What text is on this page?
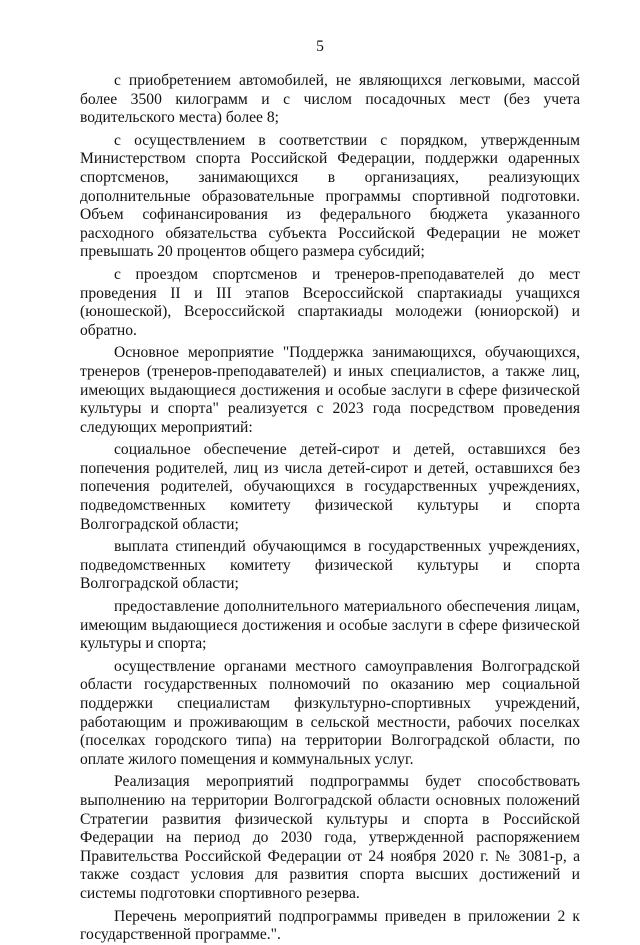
5

с приобретением автомобилей, не являющихся легковыми, массой более 3500 килограмм и с числом посадочных мест (без учета водительского места) более 8;

с осуществлением в соответствии с порядком, утвержденным Министерством спорта Российской Федерации, поддержки одаренных спортсменов, занимающихся в организациях, реализующих дополнительные образовательные программы спортивной подготовки. Объем софинансирования из федерального бюджета указанного расходного обязательства субъекта Российской Федерации не может превышать 20 процентов общего размера субсидий;

с проездом спортсменов и тренеров-преподавателей до мест проведения II и III этапов Всероссийской спартакиады учащихся (юношеской), Всероссийской спартакиады молодежи (юниорской) и обратно.

Основное мероприятие "Поддержка занимающихся, обучающихся, тренеров (тренеров-преподавателей) и иных специалистов, а также лиц, имеющих выдающиеся достижения и особые заслуги в сфере физической культуры и спорта" реализуется с 2023 года посредством проведения следующих мероприятий:

социальное обеспечение детей-сирот и детей, оставшихся без попечения родителей, лиц из числа детей-сирот и детей, оставшихся без попечения родителей, обучающихся в государственных учреждениях, подведомственных комитету физической культуры и спорта Волгоградской области;

выплата стипендий обучающимся в государственных учреждениях, подведомственных комитету физической культуры и спорта Волгоградской области;

предоставление дополнительного материального обеспечения лицам, имеющим выдающиеся достижения и особые заслуги в сфере физической культуры и спорта;

осуществление органами местного самоуправления Волгоградской области государственных полномочий по оказанию мер социальной поддержки специалистам физкультурно-спортивных учреждений, работающим и проживающим в сельской местности, рабочих поселках (поселках городского типа) на территории Волгоградской области, по оплате жилого помещения и коммунальных услуг.

Реализация мероприятий подпрограммы будет способствовать выполнению на территории Волгоградской области основных положений Стратегии развития физической культуры и спорта в Российской Федерации на период до 2030 года, утвержденной распоряжением Правительства Российской Федерации от 24 ноября 2020 г. № 3081-р, а также создаст условия для развития спорта высших достижений и системы подготовки спортивного резерва.

Перечень мероприятий подпрограммы приведен в приложении 2 к государственной программе.".
